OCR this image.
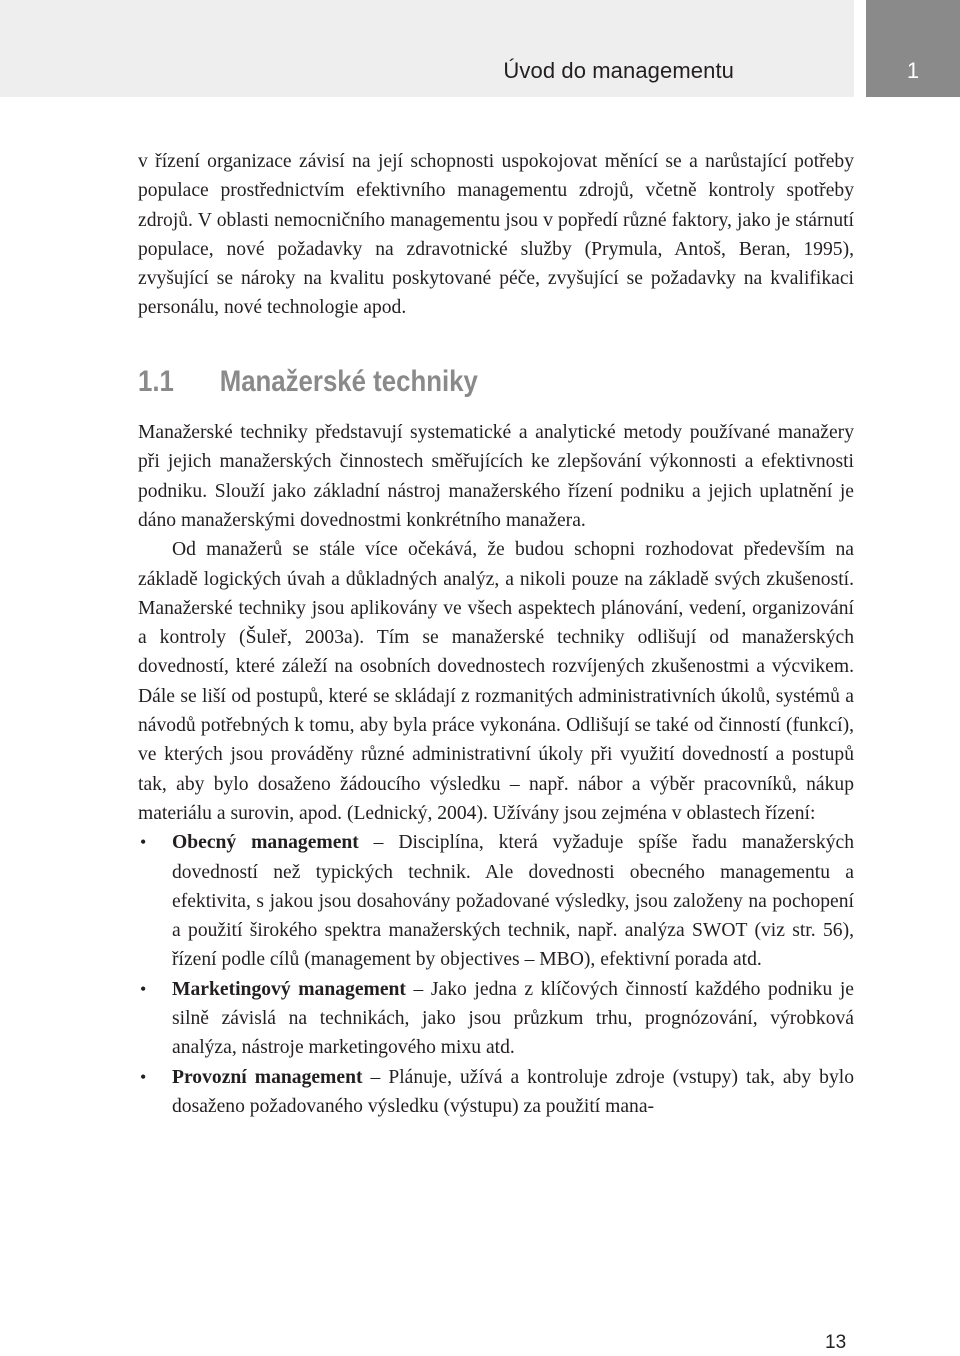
Úvod do managementu	1

v řízení organizace závisí na její schopnosti uspokojovat měnící se a narůstající potřeby populace prostřednictvím efektivního managementu zdrojů, včetně kontroly spotřeby zdrojů. V oblasti nemocničního managementu jsou v popředí různé faktory, jako je stárnutí populace, nové požadavky na zdravotnické služby (Prymula, Antoš, Beran, 1995), zvyšující se nároky na kvalitu poskytované péče, zvyšující se požadavky na kvalifikaci personálu, nové technologie apod.

1.1	Manažerské techniky

Manažerské techniky představují systematické a analytické metody používané manažery při jejich manažerských činnostech směřujících ke zlepšování výkonnosti a efektivnosti podniku. Slouží jako základní nástroj manažerského řízení podniku a jejich uplatnění je dáno manažerskými dovednostmi konkrétního manažera.

Od manažerů se stále více očekává, že budou schopni rozhodovat především na základě logických úvah a důkladných analýz, a nikoli pouze na základě svých zkušeností. Manažerské techniky jsou aplikovány ve všech aspektech plánování, vedení, organizování a kontroly (Šuleř, 2003a). Tím se manažerské techniky odlišují od manažerských dovedností, které záleží na osobních dovednostech rozvíjených zkušenostmi a výcvikem. Dále se liší od postupů, které se skládají z rozmanitých administrativních úkolů, systémů a návodů potřebných k tomu, aby byla práce vykonána. Odlišují se také od činností (funkcí), ve kterých jsou prováděny různé administrativní úkoly při využití dovedností a postupů tak, aby bylo dosaženo žádoucího výsledku – např. nábor a výběr pracovníků, nákup materiálu a surovin, apod. (Lednický, 2004). Užívány jsou zejména v oblastech řízení:

• Obecný management – Disciplína, která vyžaduje spíše řadu manažerských dovedností než typických technik. Ale dovednosti obecného managementu a efektivita, s jakou jsou dosahovány požadované výsledky, jsou založeny na pochopení a použití širokého spektra manažerských technik, např. analýza SWOT (viz str. 56), řízení podle cílů (management by objectives – MBO), efektivní porada atd.
• Marketingový management – Jako jedna z klíčových činností každého podniku je silně závislá na technikách, jako jsou průzkum trhu, prognózování, výrobková analýza, nástroje marketingového mixu atd.
• Provozní management – Plánuje, užívá a kontroluje zdroje (vstupy) tak, aby bylo dosaženo požadovaného výsledku (výstupu) za použití mana-
13
